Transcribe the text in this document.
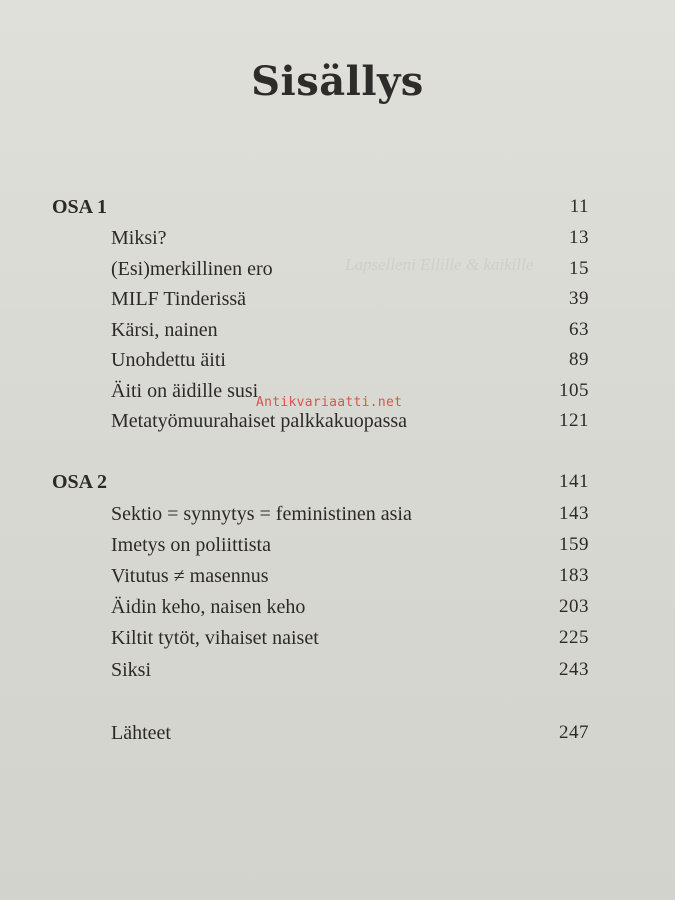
Sisällys
Lapselleni Ellille & kaikille
OSA 1	11
Miksi?	13
(Esi)merkillinen ero	15
MILF Tinderissä	39
Kärsi, nainen	63
Unohdettu äiti	89
Äiti on äidille susi	105
Metatyömuurahaiset palkkakuopassa	121
OSA 2	141
Sektio = synnytys = feministinen asia	143
Imetys on poliittista	159
Vitutus ≠ masennus	183
Äidin keho, naisen keho	203
Kiltit tytöt, vihaiset naiset	225
Siksi	243
Lähteet	247
Antikvariaatti.net
